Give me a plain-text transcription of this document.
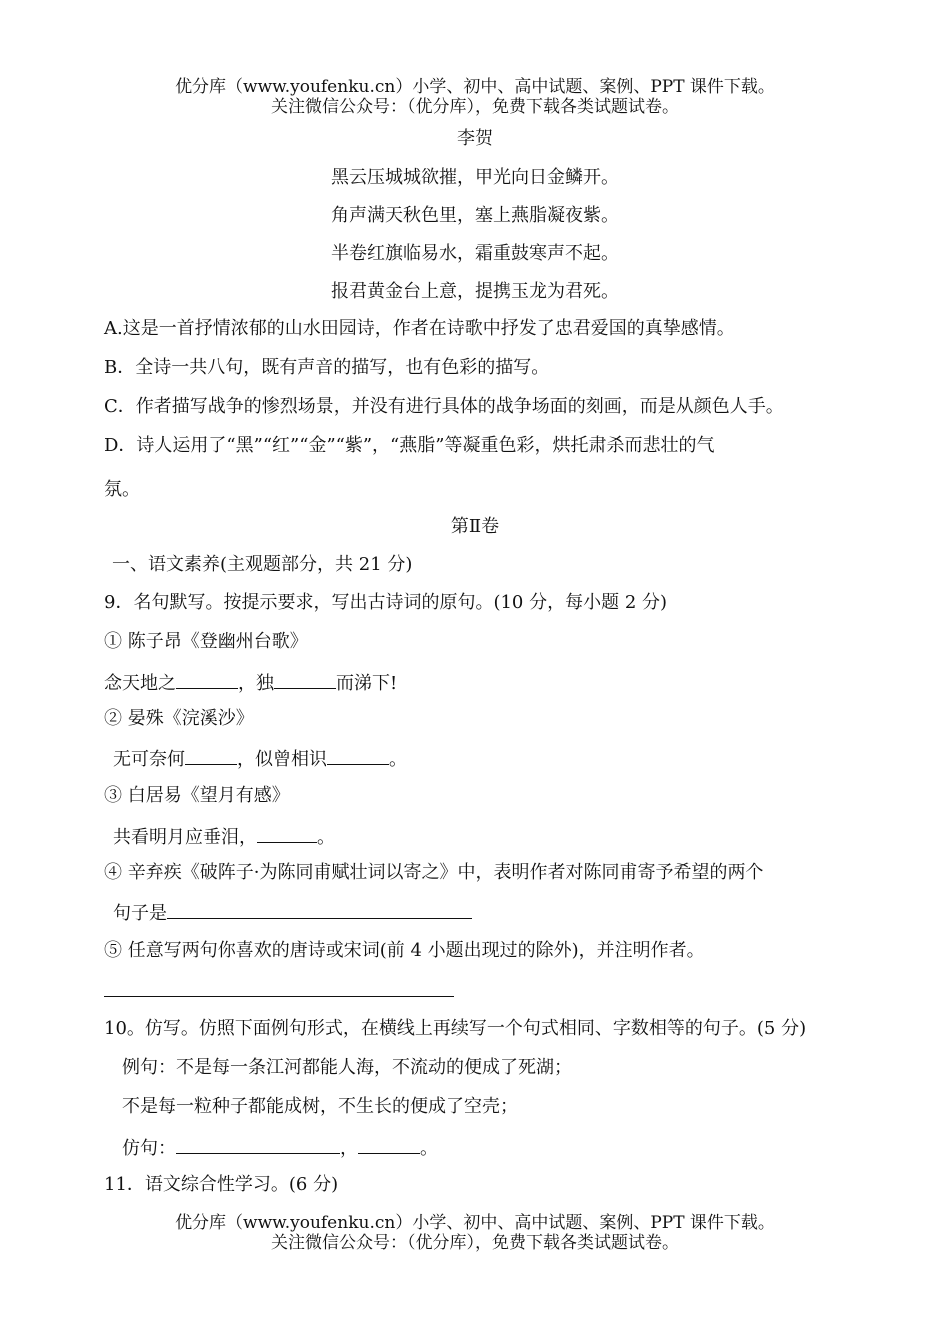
优分库（www.youfenku.cn）小学、初中、高中试题、案例、PPT 课件下载。
关注微信公众号：（优分库），免费下载各类试题试卷。
李贺
黑云压城城欲摧，甲光向日金鳞开。
角声满天秋色里，塞上燕脂凝夜紫。
半卷红旗临易水，霜重鼓寒声不起。
报君黄金台上意，提携玉龙为君死。
A.这是一首抒情浓郁的山水田园诗，作者在诗歌中抒发了忠君爱国的真挚感情。
B．全诗一共八句，既有声音的描写，也有色彩的描写。
C．作者描写战争的惨烈场景，并没有进行具体的战争场面的刻画，而是从颜色人手。
D．诗人运用了“黑”“红”“金”“紫”，“燕脂”等凝重色彩，烘托肃杀而悲壮的气
氛。
第Ⅱ卷
一、语文素养(主观题部分，共 21 分)
9．名句默写。按提示要求，写出古诗词的原句。(10 分，每小题 2 分)
① 陈子昂《登幽州台歌》
念天地之	，独	而涕下!
② 晏殊《浣溪沙》
无可奈何	，似曾相识	。
③ 白居易《望月有感》
共看明月应垂泪，	。
④ 辛弃疾《破阵子·为陈同甫赋壮词以寄之》中，表明作者对陈同甫寄予希望的两个
句子是
⑤ 任意写两句你喜欢的唐诗或宋词(前 4 小题出现过的除外)，并注明作者。
10。仿写。仿照下面例句形式，在横线上再续写一个句式相同、字数相等的句子。(5 分)
例句：不是每一条江河都能人海，不流动的便成了死湖；
不是每一粒种子都能成树，不生长的便成了空壳；
仿句：	，	。
11．语文综合性学习。(6 分)
优分库（www.youfenku.cn）小学、初中、高中试题、案例、PPT 课件下载。
关注微信公众号：（优分库），免费下载各类试题试卷。
